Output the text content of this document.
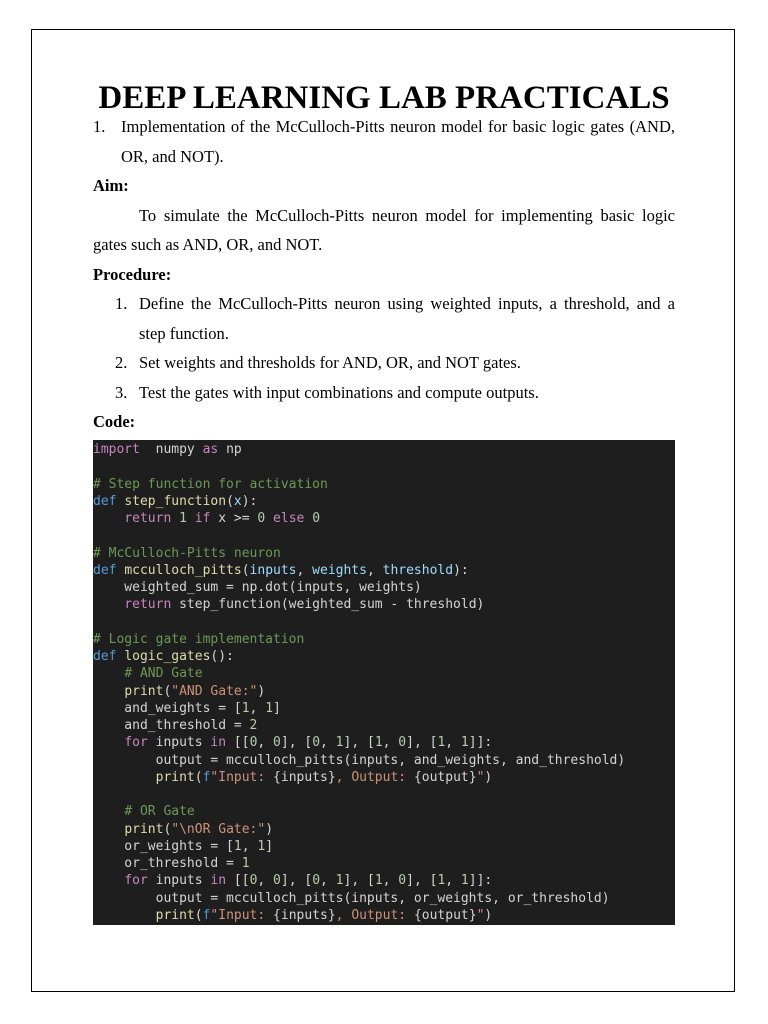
DEEP LEARNING LAB PRACTICALS
1. Implementation of the McCulloch-Pitts neuron model for basic logic gates (AND, OR, and NOT).
Aim:
To simulate the McCulloch-Pitts neuron model for implementing basic logic gates such as AND, OR, and NOT.
Procedure:
1. Define the McCulloch-Pitts neuron using weighted inputs, a threshold, and a step function.
2. Set weights and thresholds for AND, OR, and NOT gates.
3. Test the gates with input combinations and compute outputs.
Code:
import  numpy as np
# Step function for activation
def step_function(x):
return 1 if x >= 0 else 0
# McCulloch-Pitts neuron
def mcculloch_pitts(inputs, weights, threshold):
weighted_sum = np.dot(inputs, weights)
return step_function(weighted_sum - threshold)
# Logic gate implementation
def logic_gates():
# AND Gate
print("AND Gate:")
and_weights = [1, 1]
and_threshold = 2
for inputs in [[0, 0], [0, 1], [1, 0], [1, 1]]:
output = mcculloch_pitts(inputs, and_weights, and_threshold)
print(f"Input: {inputs}, Output: {output}")
# OR Gate
print("\nOR Gate:")
or_weights = [1, 1]
or_threshold = 1
for inputs in [[0, 0], [0, 1], [1, 0], [1, 1]]:
output = mcculloch_pitts(inputs, or_weights, or_threshold)
print(f"Input: {inputs}, Output: {output}")
